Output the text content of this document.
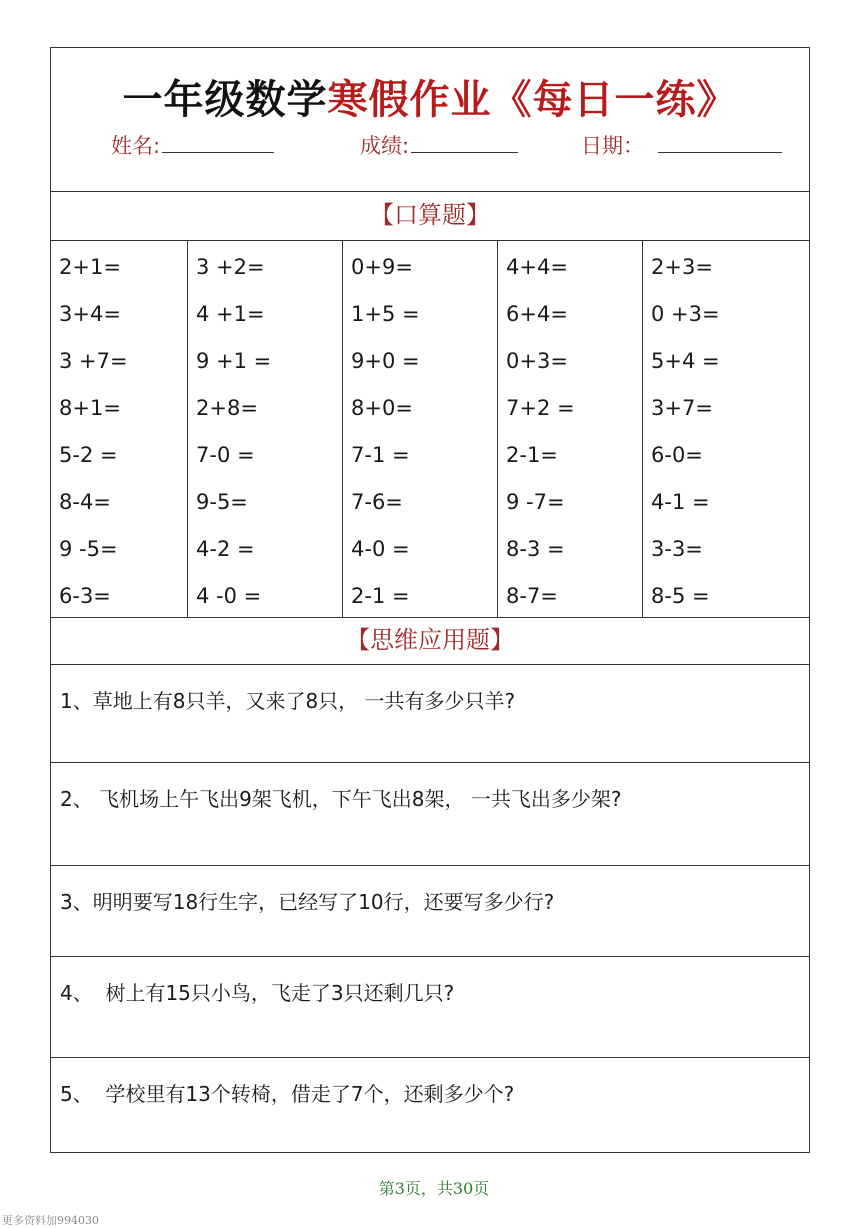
一年级数学寒假作业《每日一练》
姓名:	成绩:	日期：
【口算题】
2+1=
3+4=
3 +7=
8+1=
5-2 =
8-4=
9 -5=
6-3=
3 +2=
4 +1=
9 +1 =
2+8=
7-0 =
9-5=
4-2 =
4 -0 =
0+9=
1+5 =
9+0 =
8+0=
7-1 =
7-6=
4-0 =
2-1 =
4+4=
6+4=
0+3=
7+2 =
2-1=
9 -7=
8-3 =
8-7=
2+3=
0 +3=
5+4 =
3+7=
6-0=
4-1 =
3-3=
8-5 =
【思维应用题】
1、草地上有8只羊，又来了8只， 一共有多少只羊?
2、 飞机场上午飞出9架飞机，下午飞出8架， 一共飞出多少架?
3、明明要写18行生字，已经写了10行，还要写多少行?
4、  树上有15只小鸟，飞走了3只还剩几只?
5、  学校里有13个转椅，借走了7个，还剩多少个?
第3页，共30页
更多资料加994030
